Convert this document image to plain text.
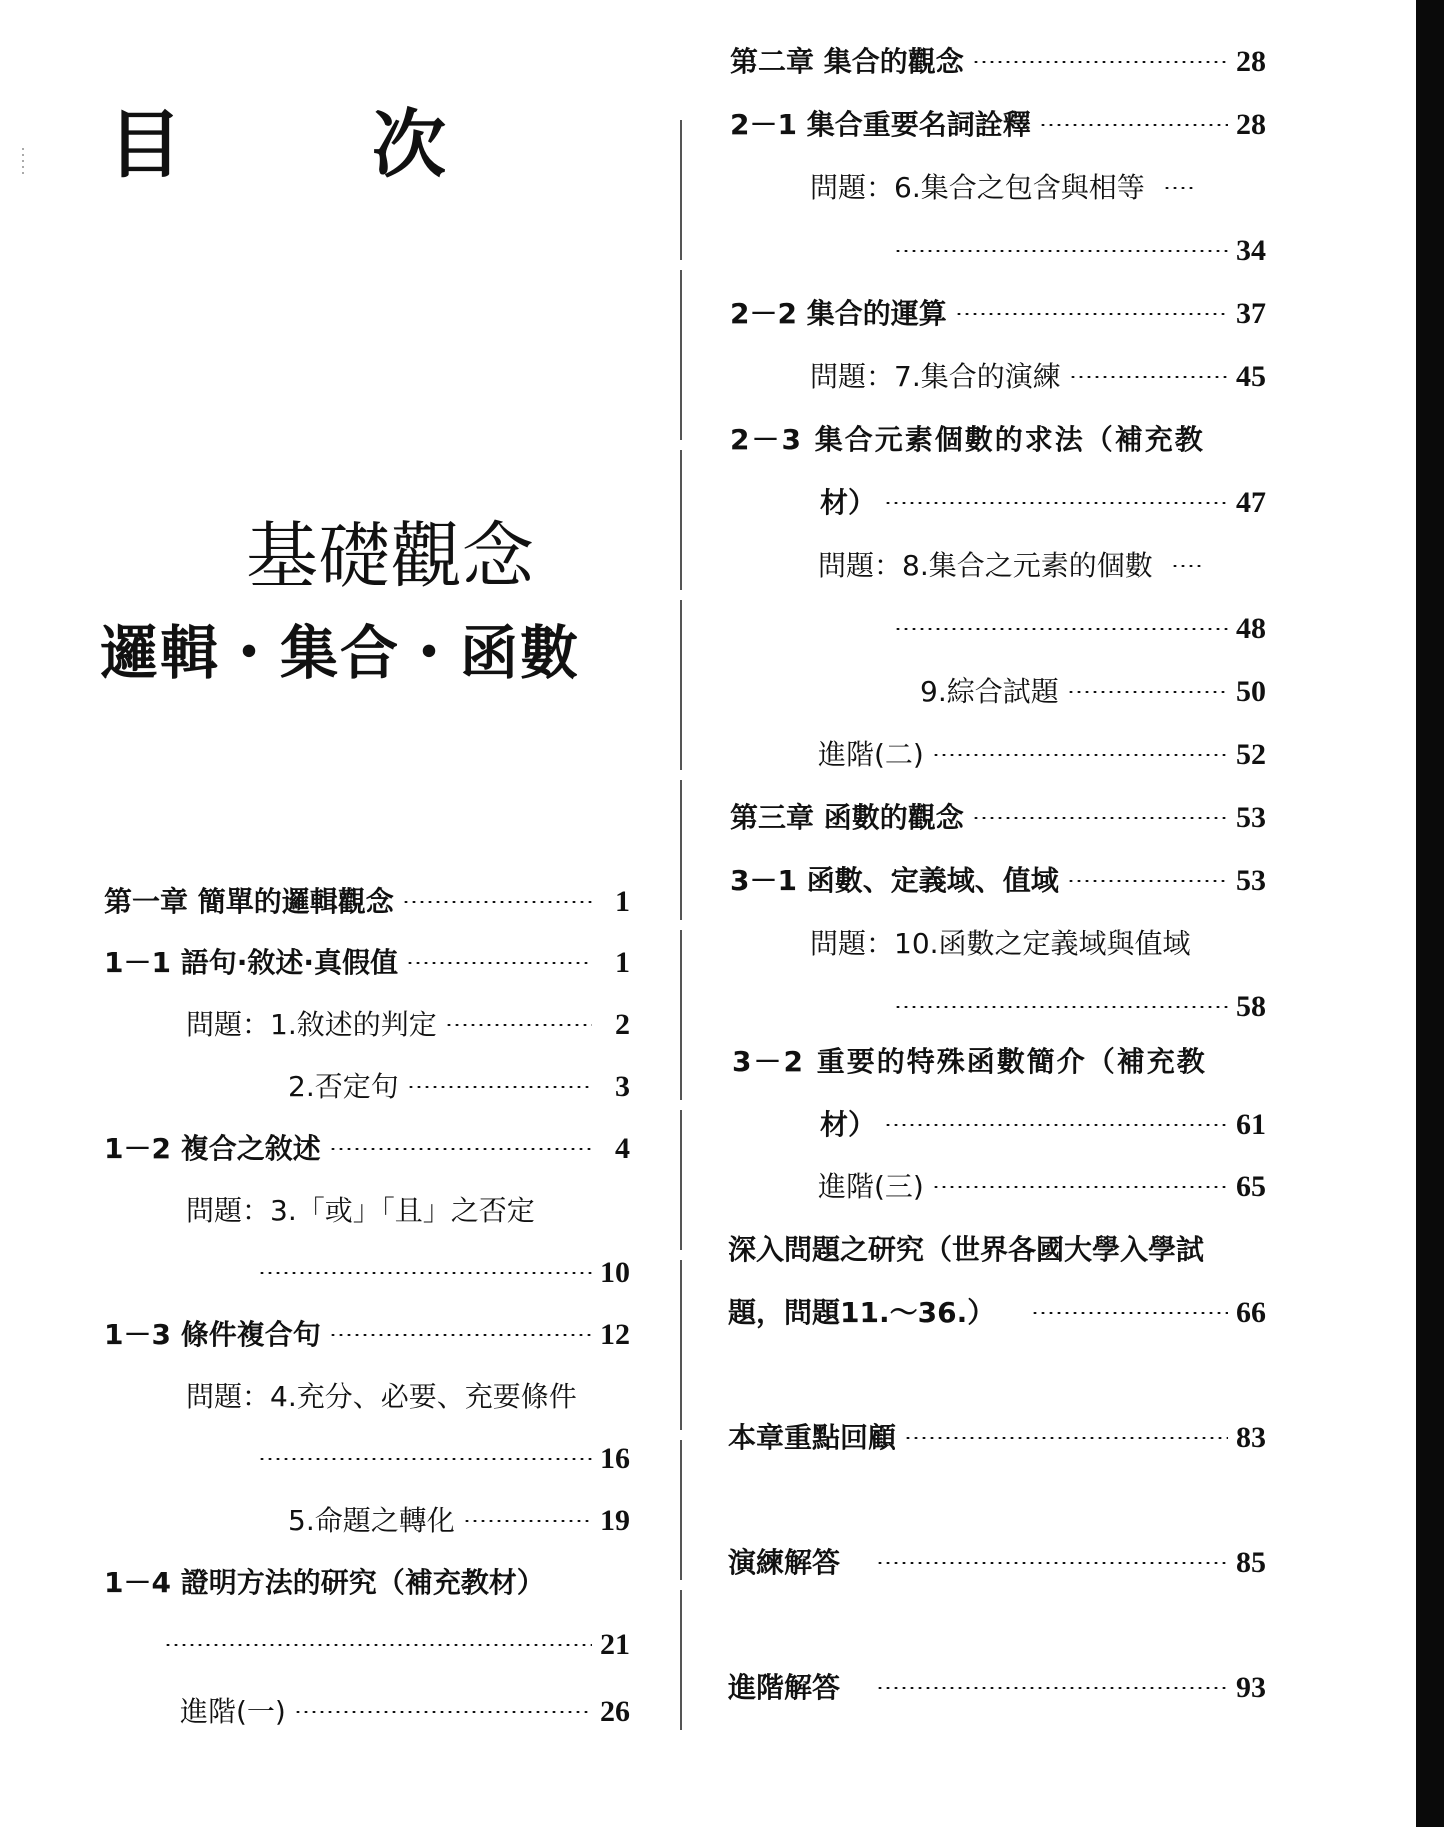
目　次
基礎觀念
邏輯・集合・函數
第一章 簡單的邏輯觀念	1
1－1 語句·敘述·真假值	1
問題：1.敘述的判定	2
2.否定句	3
1－2 複合之敘述	4
問題：3.「或」「且」之否定
10
1－3 條件複合句	12
問題：4.充分、必要、充要條件
16
5.命題之轉化	19
1－4 證明方法的研究（補充教材）
21
進階(一)	26
第二章 集合的觀念	28
2－1 集合重要名詞詮釋	28
問題：6.集合之包含與相等
34
2－2 集合的運算	37
問題：7.集合的演練	45
2－3 集合元素個數的求法（補充教
材）	47
問題：8.集合之元素的個數
48
9.綜合試題	50
進階(二)	52
第三章 函數的觀念	53
3－1 函數、定義域、值域	53
問題：10.函數之定義域與值域
58
3－2 重要的特殊函數簡介（補充教
材）	61
進階(三)	65
深入問題之研究（世界各國大學入學試
題，問題11.～36.）	66
本章重點回顧	83
演練解答	85
進階解答	93
